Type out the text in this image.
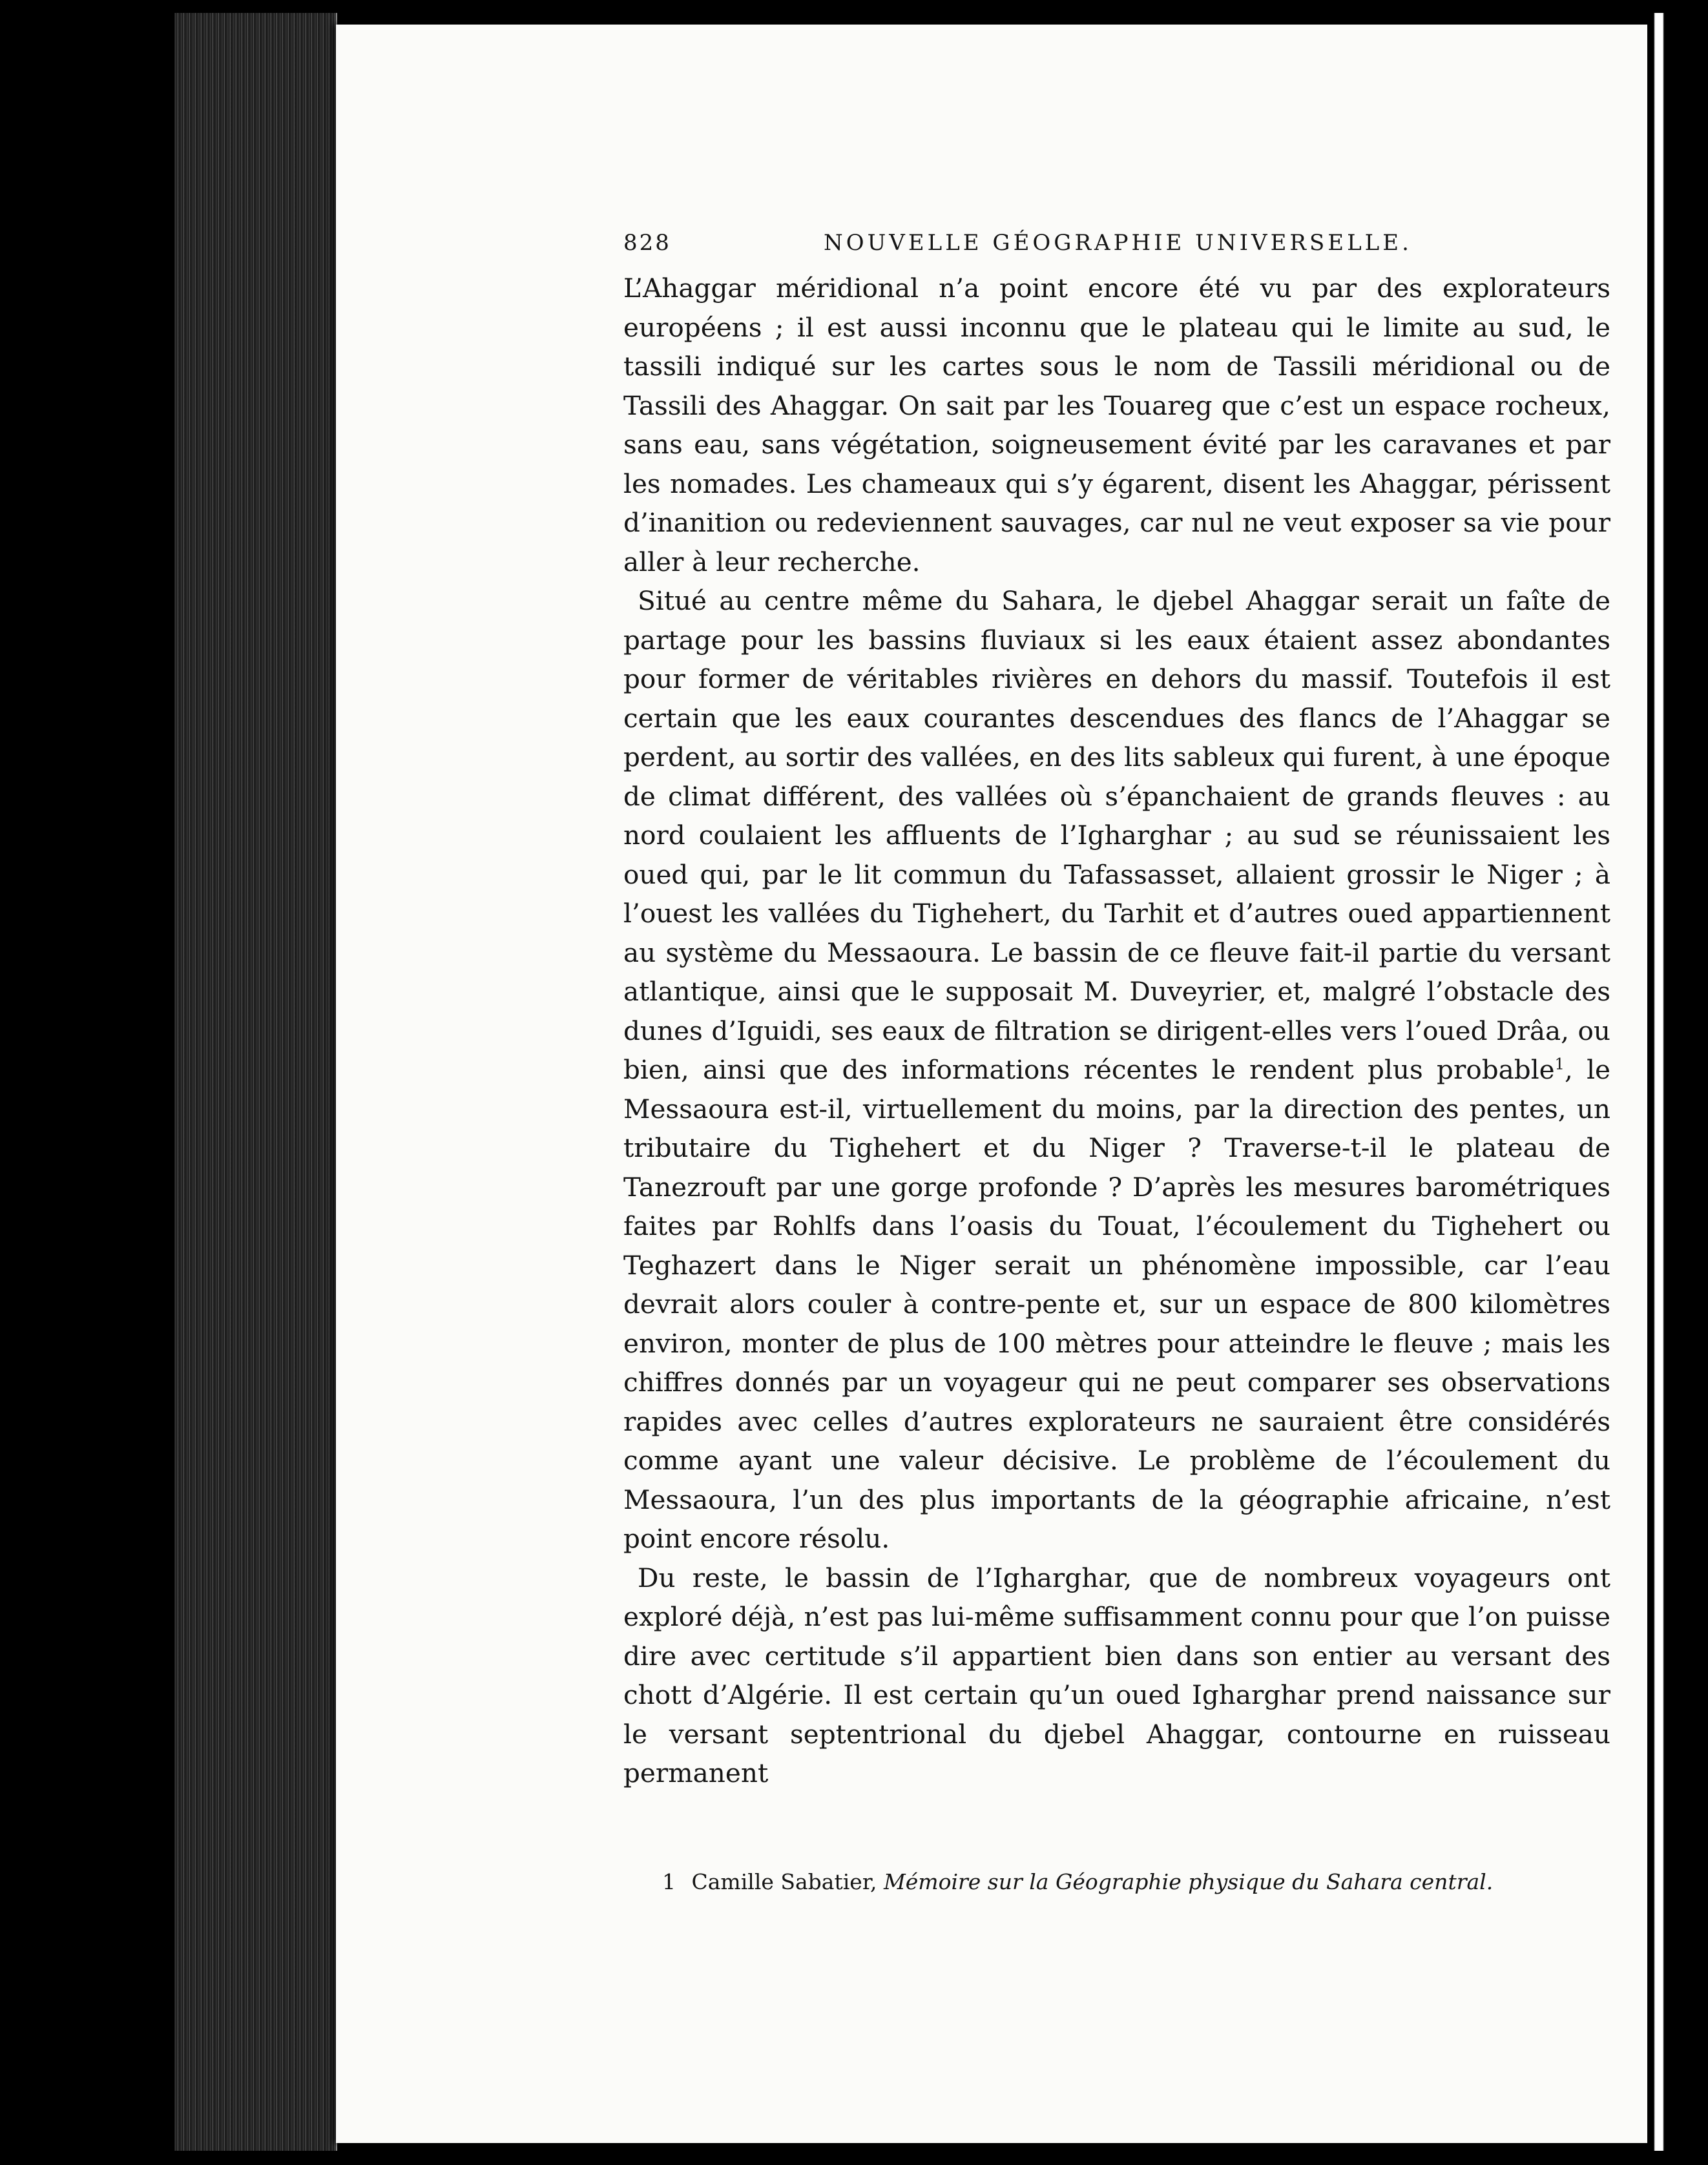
828	NOUVELLE GÉOGRAPHIE UNIVERSELLE.

L’Ahaggar méridional n’a point encore été vu par des explorateurs européens ; il est aussi inconnu que le plateau qui le limite au sud, le tassili indiqué sur les cartes sous le nom de Tassili méridional ou de Tassili des Ahaggar. On sait par les Touareg que c’est un espace rocheux, sans eau, sans végétation, soigneusement évité par les caravanes et par les nomades. Les chameaux qui s’y égarent, disent les Ahaggar, périssent d’inanition ou redeviennent sauvages, car nul ne veut exposer sa vie pour aller à leur recherche.

Situé au centre même du Sahara, le djebel Ahaggar serait un faîte de partage pour les bassins fluviaux si les eaux étaient assez abondantes pour former de véritables rivières en dehors du massif. Toutefois il est certain que les eaux courantes descendues des flancs de l’Ahaggar se perdent, au sortir des vallées, en des lits sableux qui furent, à une époque de climat différent, des vallées où s’épanchaient de grands fleuves : au nord coulaient les affluents de l’Igharghar ; au sud se réunissaient les oued qui, par le lit commun du Tafassasset, allaient grossir le Niger ; à l’ouest les vallées du Tighehert, du Tarhit et d’autres oued appartiennent au système du Messaoura. Le bassin de ce fleuve fait-il partie du versant atlantique, ainsi que le supposait M. Duveyrier, et, malgré l’obstacle des dunes d’Iguidi, ses eaux de filtration se dirigent-elles vers l’oued Drâa, ou bien, ainsi que des informations récentes le rendent plus probable$^1$, le Messaoura est-il, virtuellement du moins, par la direction des pentes, un tributaire du Tighehert et du Niger ? Traverse-t-il le plateau de Tanezrouft par une gorge profonde ? D’après les mesures barométriques faites par Rohlfs dans l’oasis du Touat, l’écoulement du Tighehert ou Teghazert dans le Niger serait un phénomène impossible, car l’eau devrait alors couler à contre-pente et, sur un espace de 800 kilomètres environ, monter de plus de 100 mètres pour atteindre le fleuve ; mais les chiffres donnés par un voyageur qui ne peut comparer ses observations rapides avec celles d’autres explorateurs ne sauraient être considérés comme ayant une valeur décisive. Le problème de l’écoulement du Messaoura, l’un des plus importants de la géographie africaine, n’est point encore résolu.

Du reste, le bassin de l’Igharghar, que de nombreux voyageurs ont exploré déjà, n’est pas lui-même suffisamment connu pour que l’on puisse dire avec certitude s’il appartient bien dans son entier au versant des chott d’Algérie. Il est certain qu’un oued Igharghar prend naissance sur le versant septentrional du djebel Ahaggar, contourne en ruisseau permanent

1 Camille Sabatier, Mémoire sur la Géographie physique du Sahara central.
